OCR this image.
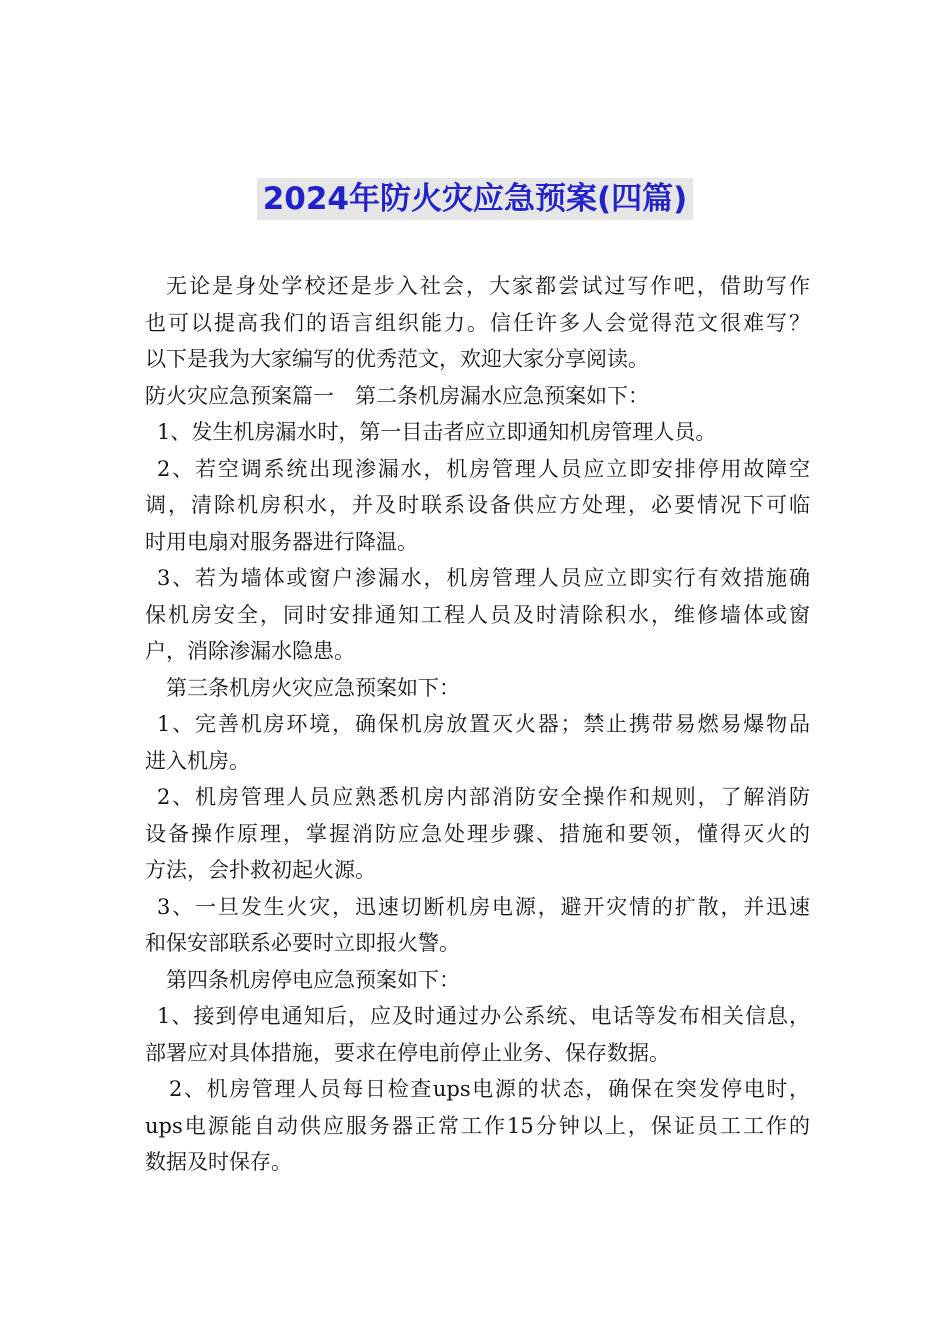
2024年防火灾应急预案(四篇)
无论是身处学校还是步入社会，大家都尝试过写作吧，借助写作
也可以提高我们的语言组织能力。信任许多人会觉得范文很难写？
以下是我为大家编写的优秀范文，欢迎大家分享阅读。
防火灾应急预案篇一　第二条机房漏水应急预案如下：
1、发生机房漏水时，第一目击者应立即通知机房管理人员。
2、若空调系统出现渗漏水，机房管理人员应立即安排停用故障空
调，清除机房积水，并及时联系设备供应方处理，必要情况下可临
时用电扇对服务器进行降温。
3、若为墙体或窗户渗漏水，机房管理人员应立即实行有效措施确
保机房安全，同时安排通知工程人员及时清除积水，维修墙体或窗
户，消除渗漏水隐患。
第三条机房火灾应急预案如下：
1、完善机房环境，确保机房放置灭火器；禁止携带易燃易爆物品
进入机房。
2、机房管理人员应熟悉机房内部消防安全操作和规则，了解消防
设备操作原理，掌握消防应急处理步骤、措施和要领，懂得灭火的
方法，会扑救初起火源。
3、一旦发生火灾，迅速切断机房电源，避开灾情的扩散，并迅速
和保安部联系必要时立即报火警。
第四条机房停电应急预案如下：
1、接到停电通知后，应及时通过办公系统、电话等发布相关信息，
部署应对具体措施，要求在停电前停止业务、保存数据。
2、机房管理人员每日检查ups电源的状态，确保在突发停电时，
ups电源能自动供应服务器正常工作15分钟以上，保证员工工作的
数据及时保存。
